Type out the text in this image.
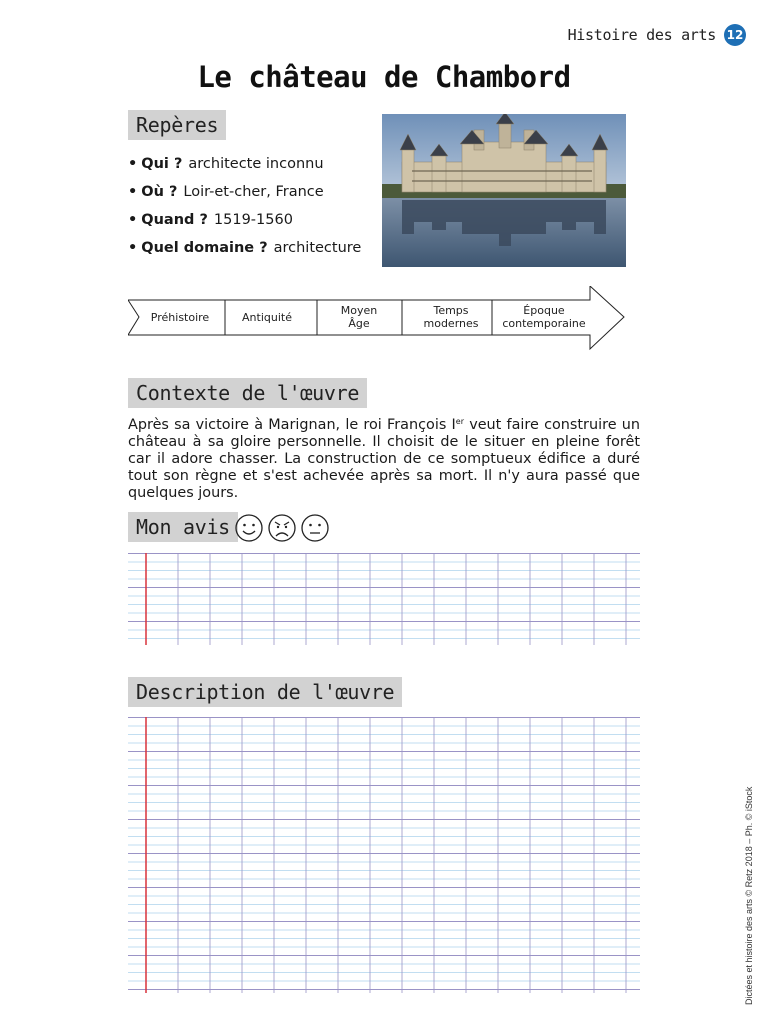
Histoire des arts 12
Le château de Chambord
Repères
• Qui ? architecte inconnu
• Où ? Loir-et-cher, France
• Quand ? 1519-1560
• Quel domaine ? architecture
Préhistoire	Antiquité
Moyen
Âge
Temps
modernes
Époque
contemporaine
Contexte de l'œuvre
Après sa victoire à Marignan, le roi François Ier veut faire construire un château à sa gloire personnelle. Il choisit de le situer en pleine forêt car il adore chasser. La construction de ce somptueux édifice a duré tout son règne et s'est achevée après sa mort. Il n'y aura passé que quelques jours.
Mon avis
Description de l'œuvre
Dictées et histoire des arts © Retz 2018 – Ph. © iStock
